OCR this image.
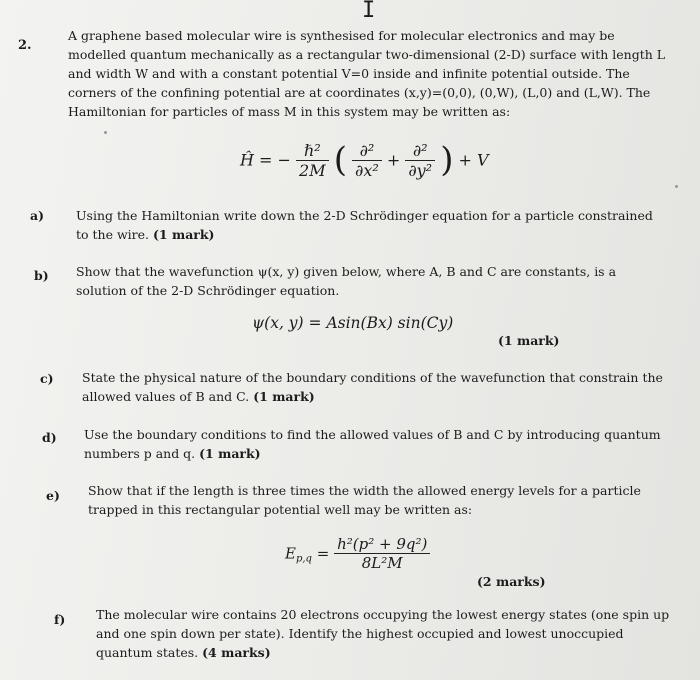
I
2.
A graphene based molecular wire is synthesised for molecular electronics and may be modelled quantum mechanically as a rectangular two-dimensional (2-D) surface with length L and width W and with a constant potential V=0 inside and infinite potential outside. The corners of the confining potential are at coordinates (x,y)=(0,0), (0,W), (L,0) and (L,W). The Hamiltonian for particles of mass M in this system may be written as:
Ĥ = − $\frac{\text{ℏ²}}{2M}$ ( $\frac{\text{∂²}}{\text{∂x²}} + \frac{\text{∂²}}{\text{∂y²}}$ ) + V
a)	Using the Hamiltonian write down the 2-D Schrödinger equation for a particle constrained to the wire. (1 mark)
b) Show that the wavefunction ψ(x, y) given below, where A, B and C are constants, is a solution of the 2-D Schrödinger equation.
ψ(x, y) = Asin(Bx) sin(Cy)
(1 mark)
c) State the physical nature of the boundary conditions of the wavefunction that constrain the allowed values of B and C. (1 mark)
d) Use the boundary conditions to find the allowed values of B and C by introducing quantum numbers p and q. (1 mark)
e) Show that if the length is three times the width the allowed energy levels for a particle trapped in this rectangular potential well may be written as:
$E_{p,q} = \frac{\text{h²(p² + 9q²)}}{\text{8L²M}}$
(2 marks)
f) The molecular wire contains 20 electrons occupying the lowest energy states (one spin up and one spin down per state). Identify the highest occupied and lowest unoccupied quantum states. (4 marks)
